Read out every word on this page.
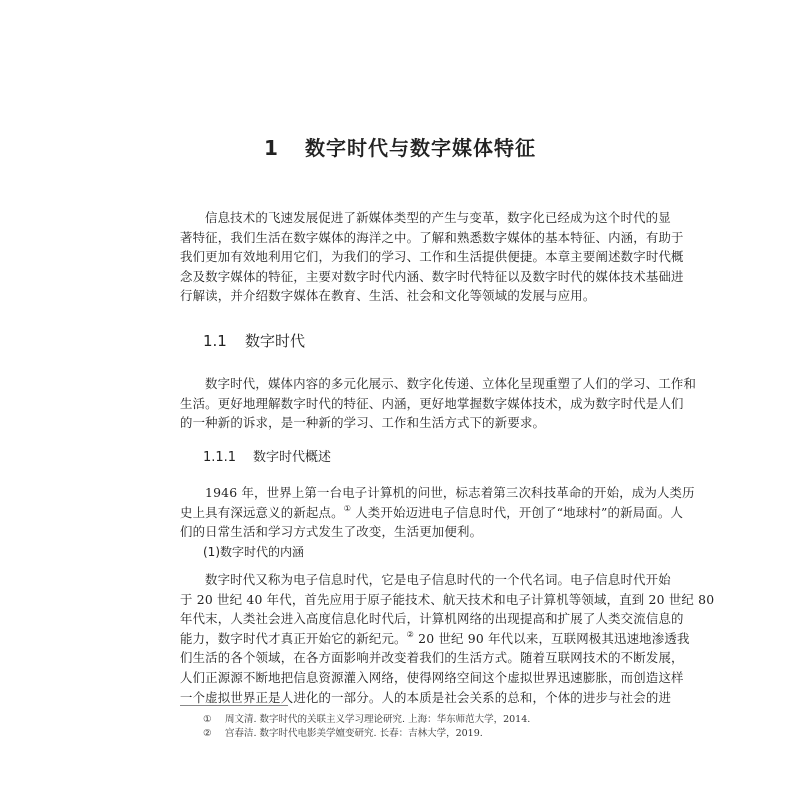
1 数字时代与数字媒体特征
信息技术的飞速发展促进了新媒体类型的产生与变革，数字化已经成为这个时代的显
著特征，我们生活在数字媒体的海洋之中。了解和熟悉数字媒体的基本特征、内涵，有助于
我们更加有效地利用它们，为我们的学习、工作和生活提供便捷。本章主要阐述数字时代概
念及数字媒体的特征，主要对数字时代内涵、数字时代特征以及数字时代的媒体技术基础进
行解读，并介绍数字媒体在教育、生活、社会和文化等领域的发展与应用。
1.1 数字时代
数字时代，媒体内容的多元化展示、数字化传递、立体化呈现重塑了人们的学习、工作和
生活。更好地理解数字时代的特征、内涵，更好地掌握数字媒体技术，成为数字时代是人们
的一种新的诉求，是一种新的学习、工作和生活方式下的新要求。
1.1.1 数字时代概述
1946 年，世界上第一台电子计算机的问世，标志着第三次科技革命的开始，成为人类历
史上具有深远意义的新起点。① 人类开始迈进电子信息时代，开创了“地球村”的新局面。人
们的日常生活和学习方式发生了改变，生活更加便利。
(1)数字时代的内涵
数字时代又称为电子信息时代，它是电子信息时代的一个代名词。电子信息时代开始
于 20 世纪 40 年代，首先应用于原子能技术、航天技术和电子计算机等领域，直到 20 世纪 80
年代末，人类社会进入高度信息化时代后，计算机网络的出现提高和扩展了人类交流信息的
能力，数字时代才真正开始它的新纪元。② 20 世纪 90 年代以来，互联网极其迅速地渗透我
们生活的各个领域，在各方面影响并改变着我们的生活方式。随着互联网技术的不断发展，
人们正源源不断地把信息资源灌入网络，使得网络空间这个虚拟世界迅速膨胀，而创造这样
一个虚拟世界正是人进化的一部分。人的本质是社会关系的总和，个体的进步与社会的进
① 周文清. 数字时代的关联主义学习理论研究. 上海：华东师范大学，2014.
② 宫春洁. 数字时代电影美学嬗变研究. 长春：吉林大学，2019.
